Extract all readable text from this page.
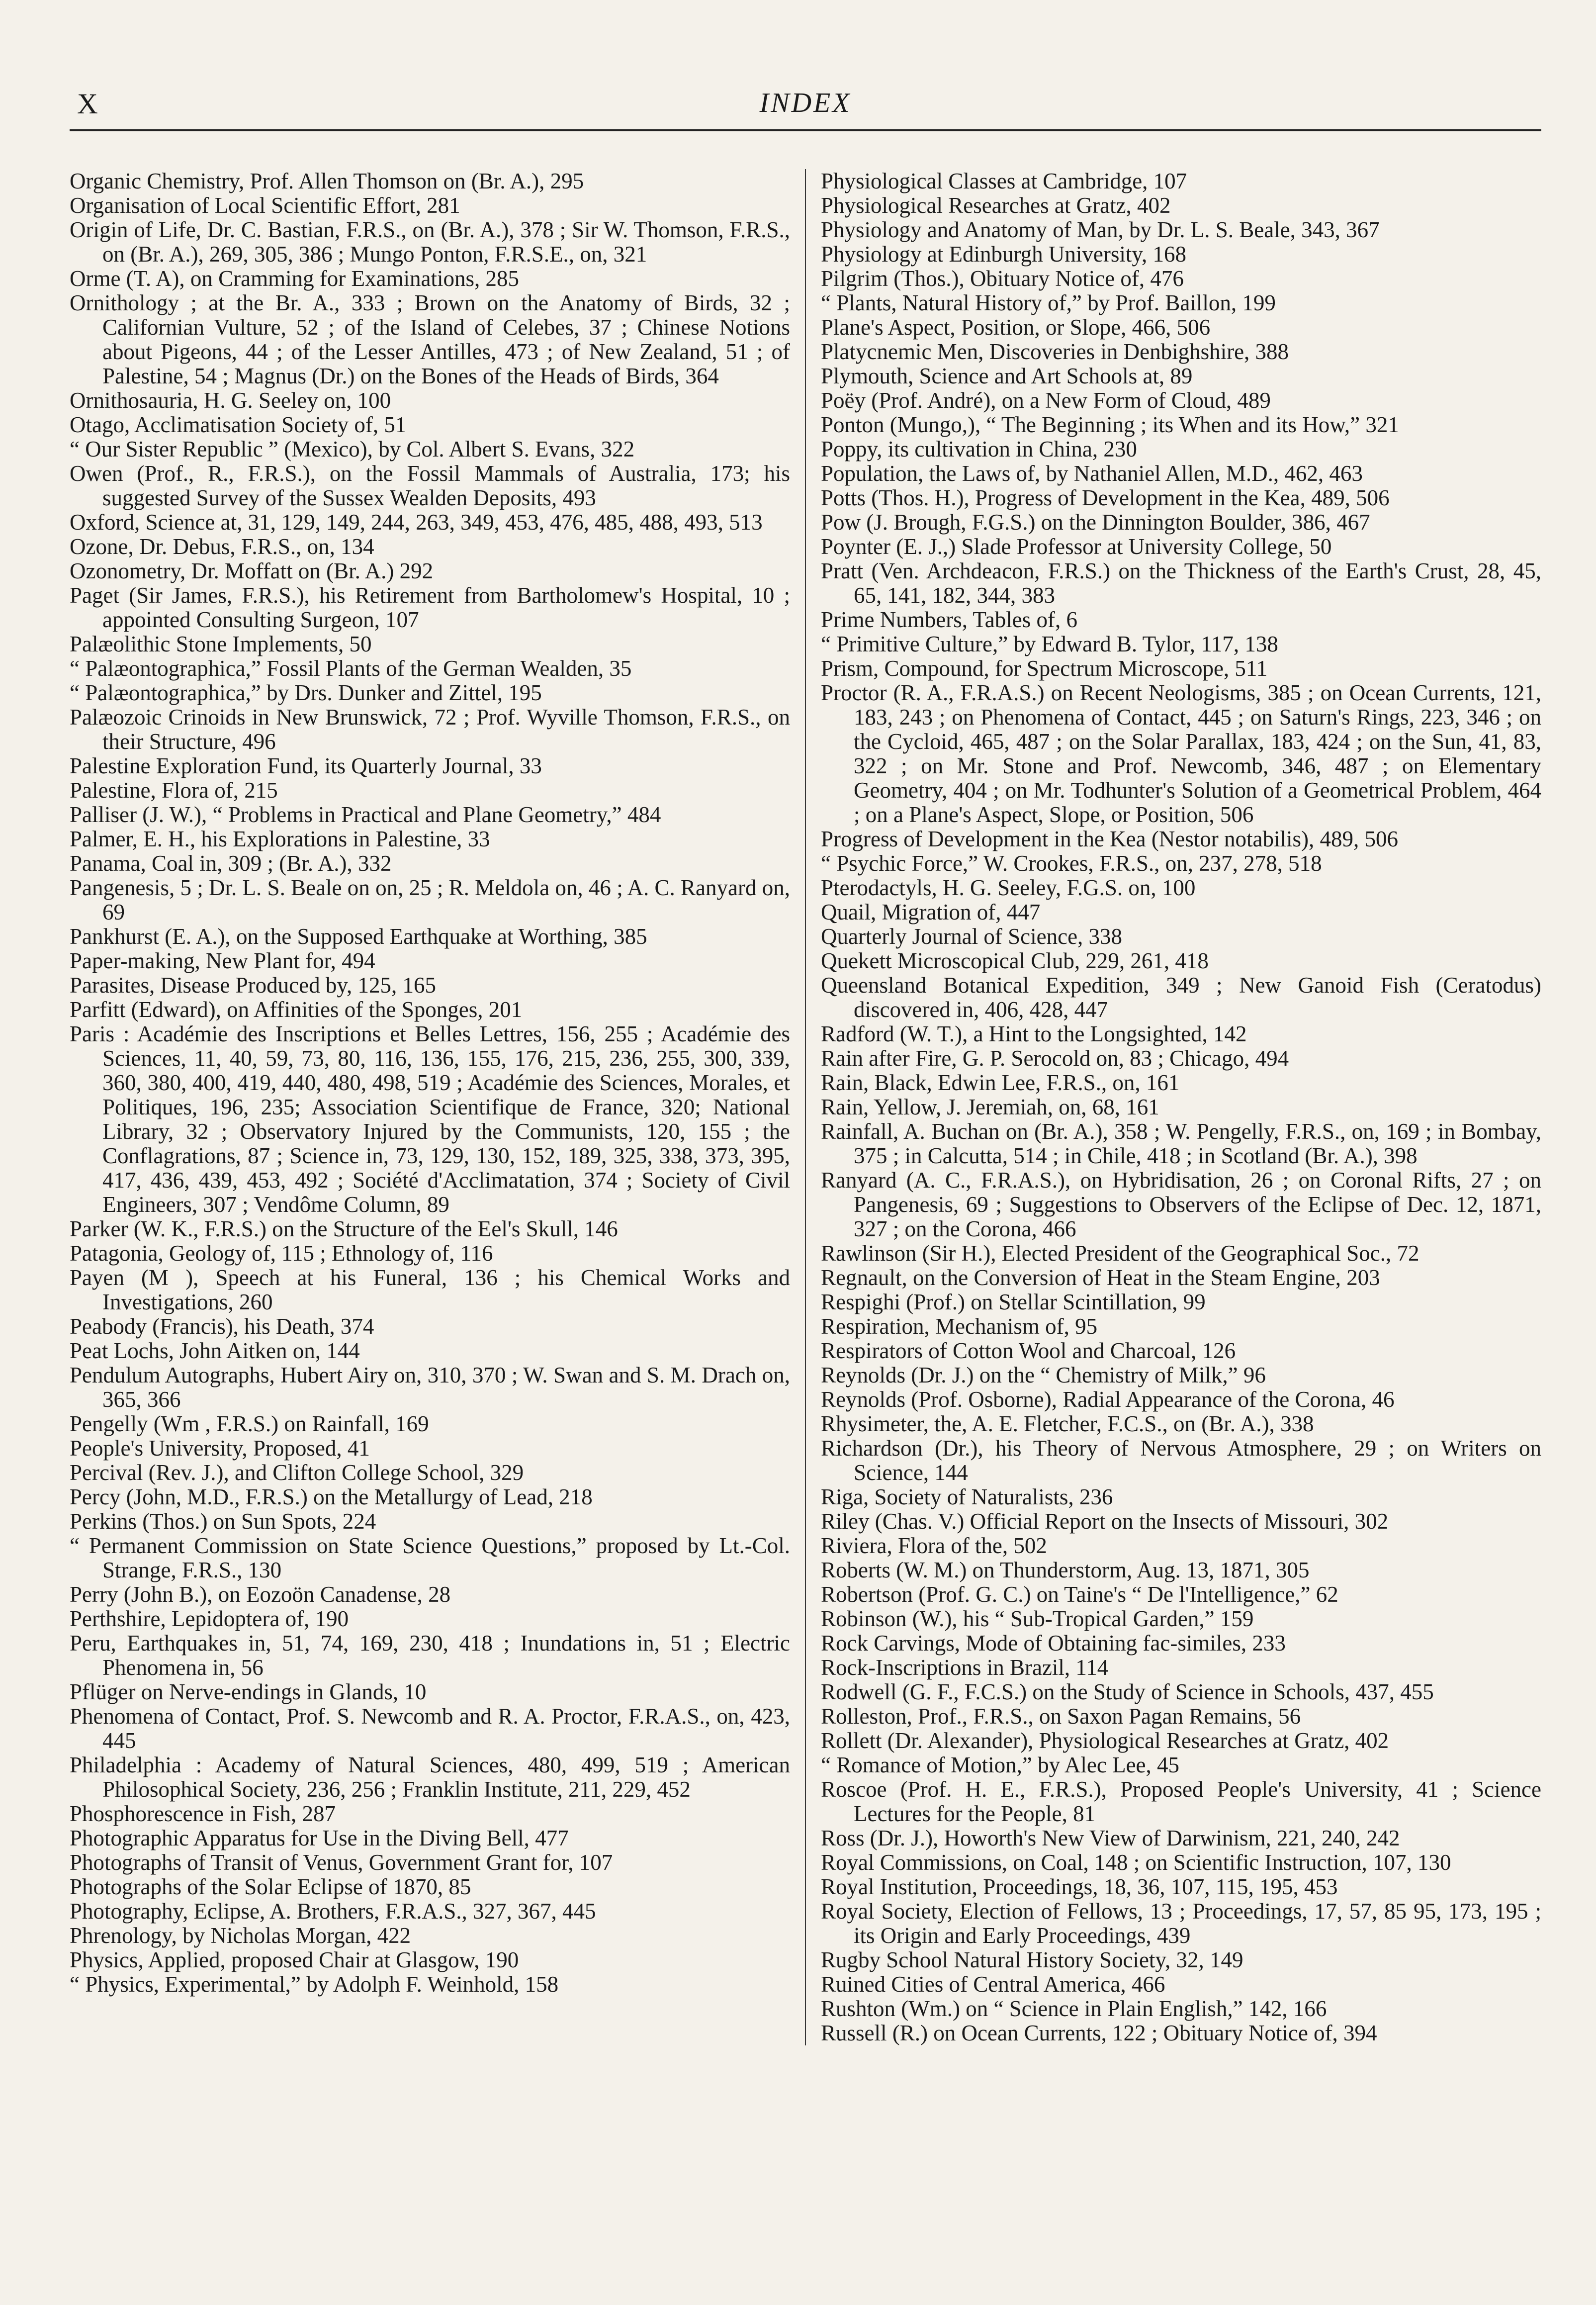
X	INDEX

Organic Chemistry, Prof. Allen Thomson on (Br. A.), 295

Organisation of Local Scientific Effort, 281

Origin of Life, Dr. C. Bastian, F.R.S., on (Br. A.), 378 ; Sir W. Thomson, F.R.S., on (Br. A.), 269, 305, 386 ; Mungo Ponton, F.R.S.E., on, 321

Orme (T. A), on Cramming for Examinations, 285

Ornithology ; at the Br. A., 333 ; Brown on the Anatomy of Birds, 32 ; Californian Vulture, 52 ; of the Island of Celebes, 37 ; Chinese Notions about Pigeons, 44 ; of the Lesser Antilles, 473 ; of New Zealand, 51 ; of Palestine, 54 ; Magnus (Dr.) on the Bones of the Heads of Birds, 364

Ornithosauria, H. G. Seeley on, 100

Otago, Acclimatisation Society of, 51

“ Our Sister Republic ” (Mexico), by Col. Albert S. Evans, 322

Owen (Prof., R., F.R.S.), on the Fossil Mammals of Australia, 173; his suggested Survey of the Sussex Wealden Deposits, 493

Oxford, Science at, 31, 129, 149, 244, 263, 349, 453, 476, 485, 488, 493, 513

Ozone, Dr. Debus, F.R.S., on, 134

Ozonometry, Dr. Moffatt on (Br. A.) 292

Paget (Sir James, F.R.S.), his Retirement from Bartholomew's Hospital, 10 ; appointed Consulting Surgeon, 107

Palæolithic Stone Implements, 50

“ Palæontographica,” Fossil Plants of the German Wealden, 35

“ Palæontographica,” by Drs. Dunker and Zittel, 195

Palæozoic Crinoids in New Brunswick, 72 ; Prof. Wyville Thomson, F.R.S., on their Structure, 496

Palestine Exploration Fund, its Quarterly Journal, 33

Palestine, Flora of, 215

Palliser (J. W.), “ Problems in Practical and Plane Geometry,” 484

Palmer, E. H., his Explorations in Palestine, 33

Panama, Coal in, 309 ; (Br. A.), 332

Pangenesis, 5 ; Dr. L. S. Beale on on, 25 ; R. Meldola on, 46 ; A. C. Ranyard on, 69

Pankhurst (E. A.), on the Supposed Earthquake at Worthing, 385

Paper-making, New Plant for, 494

Parasites, Disease Produced by, 125, 165

Parfitt (Edward), on Affinities of the Sponges, 201

Paris : Académie des Inscriptions et Belles Lettres, 156, 255 ; Académie des Sciences, 11, 40, 59, 73, 80, 116, 136, 155, 176, 215, 236, 255, 300, 339, 360, 380, 400, 419, 440, 480, 498, 519 ; Académie des Sciences, Morales, et Politiques, 196, 235; Association Scientifique de France, 320; National Library, 32 ; Observatory Injured by the Communists, 120, 155 ; the Conflagrations, 87 ; Science in, 73, 129, 130, 152, 189, 325, 338, 373, 395, 417, 436, 439, 453, 492 ; Société d'Acclimatation, 374 ; Society of Civil Engineers, 307 ; Vendôme Column, 89

Parker (W. K., F.R.S.) on the Structure of the Eel's Skull, 146

Patagonia, Geology of, 115 ; Ethnology of, 116

Payen (M ), Speech at his Funeral, 136 ; his Chemical Works and Investigations, 260

Peabody (Francis), his Death, 374

Peat Lochs, John Aitken on, 144

Pendulum Autographs, Hubert Airy on, 310, 370 ; W. Swan and S. M. Drach on, 365, 366

Pengelly (Wm , F.R.S.) on Rainfall, 169

People's University, Proposed, 41

Percival (Rev. J.), and Clifton College School, 329

Percy (John, M.D., F.R.S.) on the Metallurgy of Lead, 218

Perkins (Thos.) on Sun Spots, 224

“ Permanent Commission on State Science Questions,” proposed by Lt.-Col. Strange, F.R.S., 130

Perry (John B.), on Eozoön Canadense, 28

Perthshire, Lepidoptera of, 190

Peru, Earthquakes in, 51, 74, 169, 230, 418 ; Inundations in, 51 ; Electric Phenomena in, 56

Pflüger on Nerve-endings in Glands, 10

Phenomena of Contact, Prof. S. Newcomb and R. A. Proctor, F.R.A.S., on, 423, 445

Philadelphia : Academy of Natural Sciences, 480, 499, 519 ; American Philosophical Society, 236, 256 ; Franklin Institute, 211, 229, 452

Phosphorescence in Fish, 287

Photographic Apparatus for Use in the Diving Bell, 477

Photographs of Transit of Venus, Government Grant for, 107

Photographs of the Solar Eclipse of 1870, 85

Photography, Eclipse, A. Brothers, F.R.A.S., 327, 367, 445

Phrenology, by Nicholas Morgan, 422

Physics, Applied, proposed Chair at Glasgow, 190

“ Physics, Experimental,” by Adolph F. Weinhold, 158

Physiological Classes at Cambridge, 107

Physiological Researches at Gratz, 402

Physiology and Anatomy of Man, by Dr. L. S. Beale, 343, 367

Physiology at Edinburgh University, 168

Pilgrim (Thos.), Obituary Notice of, 476

“ Plants, Natural History of,” by Prof. Baillon, 199

Plane's Aspect, Position, or Slope, 466, 506

Platycnemic Men, Discoveries in Denbighshire, 388

Plymouth, Science and Art Schools at, 89

Poëy (Prof. André), on a New Form of Cloud, 489

Ponton (Mungo,), “ The Beginning ; its When and its How,” 321

Poppy, its cultivation in China, 230

Population, the Laws of, by Nathaniel Allen, M.D., 462, 463

Potts (Thos. H.), Progress of Development in the Kea, 489, 506

Pow (J. Brough, F.G.S.) on the Dinnington Boulder, 386, 467

Poynter (E. J.,) Slade Professor at University College, 50

Pratt (Ven. Archdeacon, F.R.S.) on the Thickness of the Earth's Crust, 28, 45, 65, 141, 182, 344, 383

Prime Numbers, Tables of, 6

“ Primitive Culture,” by Edward B. Tylor, 117, 138

Prism, Compound, for Spectrum Microscope, 511

Proctor (R. A., F.R.A.S.) on Recent Neologisms, 385 ; on Ocean Currents, 121, 183, 243 ; on Phenomena of Contact, 445 ; on Saturn's Rings, 223, 346 ; on the Cycloid, 465, 487 ; on the Solar Parallax, 183, 424 ; on the Sun, 41, 83, 322 ; on Mr. Stone and Prof. Newcomb, 346, 487 ; on Elementary Geometry, 404 ; on Mr. Todhunter's Solution of a Geometrical Problem, 464 ; on a Plane's Aspect, Slope, or Position, 506

Progress of Development in the Kea (Nestor notabilis), 489, 506

“ Psychic Force,” W. Crookes, F.R.S., on, 237, 278, 518

Pterodactyls, H. G. Seeley, F.G.S. on, 100

Quail, Migration of, 447

Quarterly Journal of Science, 338

Quekett Microscopical Club, 229, 261, 418

Queensland Botanical Expedition, 349 ; New Ganoid Fish (Ceratodus) discovered in, 406, 428, 447

Radford (W. T.), a Hint to the Longsighted, 142

Rain after Fire, G. P. Serocold on, 83 ; Chicago, 494

Rain, Black, Edwin Lee, F.R.S., on, 161

Rain, Yellow, J. Jeremiah, on, 68, 161

Rainfall, A. Buchan on (Br. A.), 358 ; W. Pengelly, F.R.S., on, 169 ; in Bombay, 375 ; in Calcutta, 514 ; in Chile, 418 ; in Scotland (Br. A.), 398

Ranyard (A. C., F.R.A.S.), on Hybridisation, 26 ; on Coronal Rifts, 27 ; on Pangenesis, 69 ; Suggestions to Observers of the Eclipse of Dec. 12, 1871, 327 ; on the Corona, 466

Rawlinson (Sir H.), Elected President of the Geographical Soc., 72

Regnault, on the Conversion of Heat in the Steam Engine, 203

Respighi (Prof.) on Stellar Scintillation, 99

Respiration, Mechanism of, 95

Respirators of Cotton Wool and Charcoal, 126

Reynolds (Dr. J.) on the “ Chemistry of Milk,” 96

Reynolds (Prof. Osborne), Radial Appearance of the Corona, 46

Rhysimeter, the, A. E. Fletcher, F.C.S., on (Br. A.), 338

Richardson (Dr.), his Theory of Nervous Atmosphere, 29 ; on Writers on Science, 144

Riga, Society of Naturalists, 236

Riley (Chas. V.) Official Report on the Insects of Missouri, 302

Riviera, Flora of the, 502

Roberts (W. M.) on Thunderstorm, Aug. 13, 1871, 305

Robertson (Prof. G. C.) on Taine's “ De l'Intelligence,” 62

Robinson (W.), his “ Sub-Tropical Garden,” 159

Rock Carvings, Mode of Obtaining fac-similes, 233

Rock-Inscriptions in Brazil, 114

Rodwell (G. F., F.C.S.) on the Study of Science in Schools, 437, 455

Rolleston, Prof., F.R.S., on Saxon Pagan Remains, 56

Rollett (Dr. Alexander), Physiological Researches at Gratz, 402

“ Romance of Motion,” by Alec Lee, 45

Roscoe (Prof. H. E., F.R.S.), Proposed People's University, 41 ; Science Lectures for the People, 81

Ross (Dr. J.), Howorth's New View of Darwinism, 221, 240, 242

Royal Commissions, on Coal, 148 ; on Scientific Instruction, 107, 130

Royal Institution, Proceedings, 18, 36, 107, 115, 195, 453

Royal Society, Election of Fellows, 13 ; Proceedings, 17, 57, 85 95, 173, 195 ; its Origin and Early Proceedings, 439

Rugby School Natural History Society, 32, 149

Ruined Cities of Central America, 466

Rushton (Wm.) on “ Science in Plain English,” 142, 166

Russell (R.) on Ocean Currents, 122 ; Obituary Notice of, 394
